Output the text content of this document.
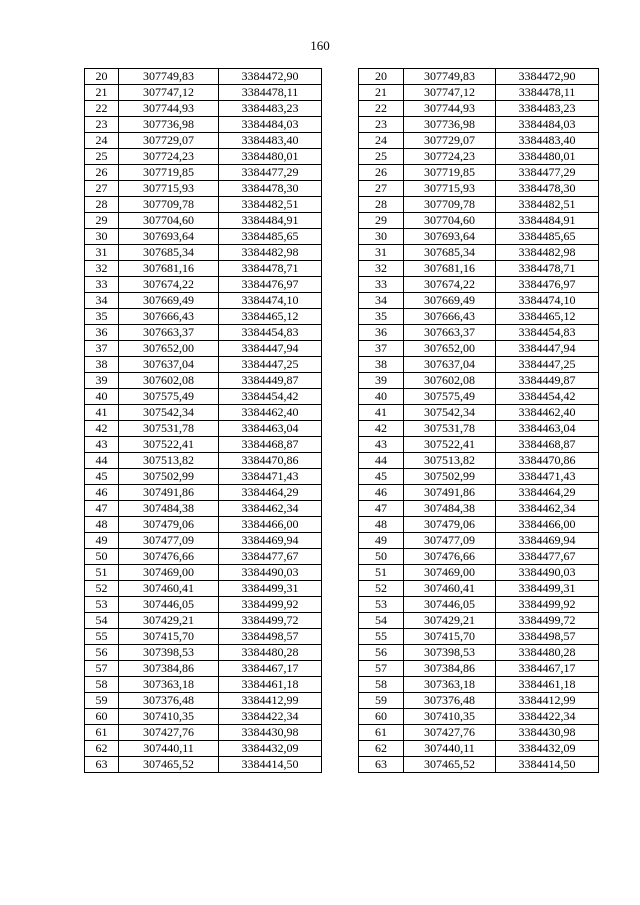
160
20	307749,83	3384472,90
21	307747,12	3384478,11
22	307744,93	3384483,23
23	307736,98	3384484,03
24	307729,07	3384483,40
25	307724,23	3384480,01
26	307719,85	3384477,29
27	307715,93	3384478,30
28	307709,78	3384482,51
29	307704,60	3384484,91
30	307693,64	3384485,65
31	307685,34	3384482,98
32	307681,16	3384478,71
33	307674,22	3384476,97
34	307669,49	3384474,10
35	307666,43	3384465,12
36	307663,37	3384454,83
37	307652,00	3384447,94
38	307637,04	3384447,25
39	307602,08	3384449,87
40	307575,49	3384454,42
41	307542,34	3384462,40
42	307531,78	3384463,04
43	307522,41	3384468,87
44	307513,82	3384470,86
45	307502,99	3384471,43
46	307491,86	3384464,29
47	307484,38	3384462,34
48	307479,06	3384466,00
49	307477,09	3384469,94
50	307476,66	3384477,67
51	307469,00	3384490,03
52	307460,41	3384499,31
53	307446,05	3384499,92
54	307429,21	3384499,72
55	307415,70	3384498,57
56	307398,53	3384480,28
57	307384,86	3384467,17
58	307363,18	3384461,18
59	307376,48	3384412,99
60	307410,35	3384422,34
61	307427,76	3384430,98
62	307440,11	3384432,09
63	307465,52	3384414,50
20	307749,83	3384472,90
21	307747,12	3384478,11
22	307744,93	3384483,23
23	307736,98	3384484,03
24	307729,07	3384483,40
25	307724,23	3384480,01
26	307719,85	3384477,29
27	307715,93	3384478,30
28	307709,78	3384482,51
29	307704,60	3384484,91
30	307693,64	3384485,65
31	307685,34	3384482,98
32	307681,16	3384478,71
33	307674,22	3384476,97
34	307669,49	3384474,10
35	307666,43	3384465,12
36	307663,37	3384454,83
37	307652,00	3384447,94
38	307637,04	3384447,25
39	307602,08	3384449,87
40	307575,49	3384454,42
41	307542,34	3384462,40
42	307531,78	3384463,04
43	307522,41	3384468,87
44	307513,82	3384470,86
45	307502,99	3384471,43
46	307491,86	3384464,29
47	307484,38	3384462,34
48	307479,06	3384466,00
49	307477,09	3384469,94
50	307476,66	3384477,67
51	307469,00	3384490,03
52	307460,41	3384499,31
53	307446,05	3384499,92
54	307429,21	3384499,72
55	307415,70	3384498,57
56	307398,53	3384480,28
57	307384,86	3384467,17
58	307363,18	3384461,18
59	307376,48	3384412,99
60	307410,35	3384422,34
61	307427,76	3384430,98
62	307440,11	3384432,09
63	307465,52	3384414,50
